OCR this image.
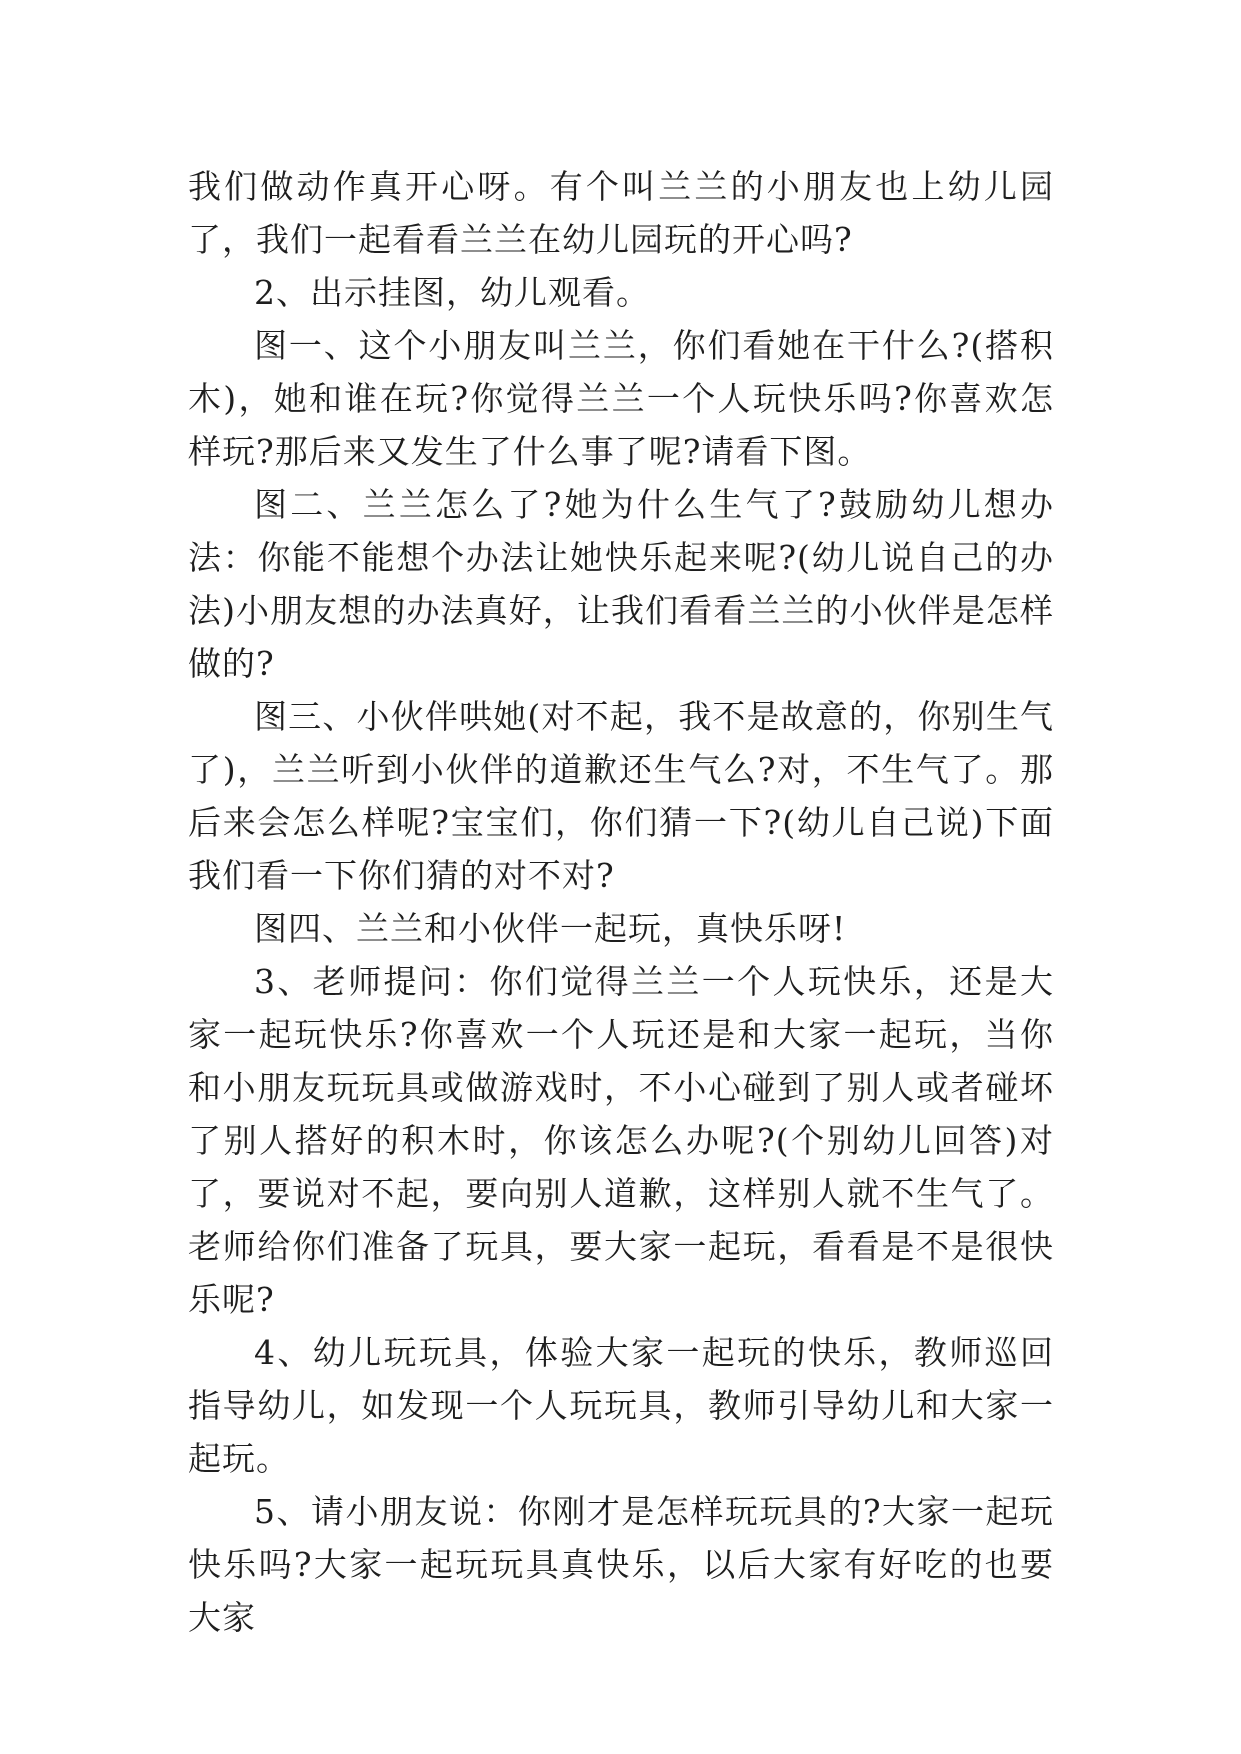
我们做动作真开心呀。有个叫兰兰的小朋友也上幼儿园了，我们一起看看兰兰在幼儿园玩的开心吗?

2、出示挂图，幼儿观看。

图一、这个小朋友叫兰兰，你们看她在干什么?(搭积木)，她和谁在玩?你觉得兰兰一个人玩快乐吗?你喜欢怎样玩?那后来又发生了什么事了呢?请看下图。

图二、兰兰怎么了?她为什么生气了?鼓励幼儿想办法：你能不能想个办法让她快乐起来呢?(幼儿说自己的办法)小朋友想的办法真好，让我们看看兰兰的小伙伴是怎样做的?

图三、小伙伴哄她(对不起，我不是故意的，你别生气了)，兰兰听到小伙伴的道歉还生气么?对，不生气了。那后来会怎么样呢?宝宝们，你们猜一下?(幼儿自己说)下面我们看一下你们猜的对不对?

图四、兰兰和小伙伴一起玩，真快乐呀!

3、老师提问：你们觉得兰兰一个人玩快乐，还是大家一起玩快乐?你喜欢一个人玩还是和大家一起玩，当你和小朋友玩玩具或做游戏时，不小心碰到了别人或者碰坏了别人搭好的积木时，你该怎么办呢?(个别幼儿回答)对了，要说对不起，要向别人道歉，这样别人就不生气了。老师给你们准备了玩具，要大家一起玩，看看是不是很快乐呢?

4、幼儿玩玩具，体验大家一起玩的快乐，教师巡回指导幼儿，如发现一个人玩玩具，教师引导幼儿和大家一起玩。

5、请小朋友说：你刚才是怎样玩玩具的?大家一起玩快乐吗?大家一起玩玩具真快乐，以后大家有好吃的也要大家
